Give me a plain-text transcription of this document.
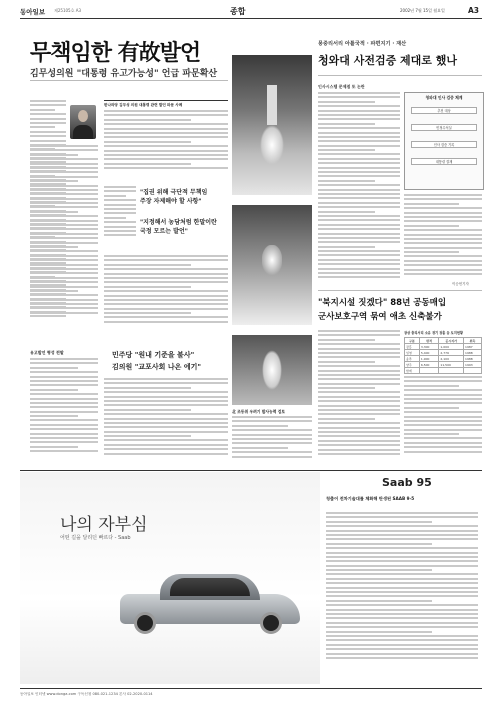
동아일보 제25105호 A3	종합	2002년 7월 15일 월요일	A3
무책임한 有故발언
김무성의원 "대통령 유고가능성" 언급 파문확산
한나라당 김무성 의원 대통령 관련 발언 파문 사례
"집권 위해 극단적 무책임
주장 자제해야 할 사항"
"지정해서 농담처럼 한말이란
국정 모르는 발언"
유고발언 형성 전말	민주당 "원내 기준을 불사"
김의원 "교포사회 나온 에기"
北 조동취 우려기 발사능력 검토
뭉중리서리 아틀국적 · 파편지기 · 재산
청와대 사전검증 제대로 했나
인사시스템 문제점 또 논란
청와대 인사 검증 체계
추천 대상
민정수석실
인사 검증 기록
대통령 결재
이승헌기자
"북지시설 짓겠다" 88년 공동매입
군사보호구역 묶여 애초 신축불가
장상 총리서리 소유 경기 장흥 등 토지현황
구분	면적	공시지가	취득
장흥	3,300	1,000	1987
일영	5,400	2,776	1988
송추	1,900	2,100	1988
양주	6,500	11,500	1993
합계			
나의 자부심
어떤 길을 달리던 빠르다 - Saab
Saab 95
청출어 전차기술대를 체화해 탄생된 SAAB 9-5
동아일보 인터넷 www.donga.com 구독신청 080-021-1234 본사 02-2020-0114
